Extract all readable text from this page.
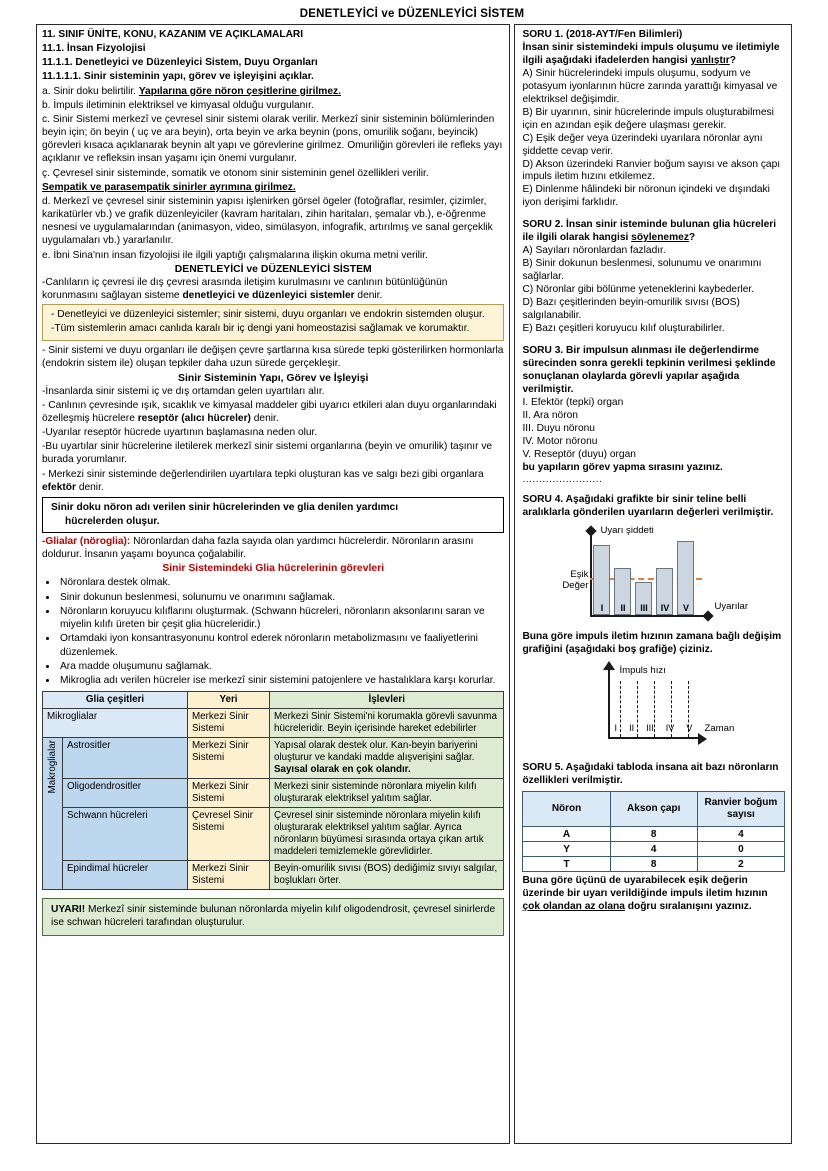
DENETLEYİCİ ve DÜZENLEYİCİ SİSTEM
11. SINIF ÜNİTE, KONU, KAZANIM VE AÇIKLAMALARI
11.1. İnsan Fizyolojisi
11.1.1. Denetleyici ve Düzenleyici Sistem, Duyu Organları
11.1.1.1. Sinir sisteminin yapı, görev ve işleyişini açıklar.
a. Sinir doku belirtilir. Yapılarına göre nöron çeşitlerine girilmez.
b. İmpuls iletiminin elektriksel ve kimyasal olduğu vurgulanır.
c. Sinir Sistemi merkezî ve çevresel sinir sistemi olarak verilir. Merkezî sinir sisteminin bölümlerinden beyin için; ön beyin ( uç ve ara beyin), orta beyin ve arka beynin (pons, omurilik soğanı, beyincik) görevleri kısaca açıklanarak beynin alt yapı ve görevlerine girilmez. Omuriliğin görevleri ile refleks yayı açıklanır ve refleksin insan yaşamı için önemi vurgulanır.
ç. Çevresel sinir sisteminde, somatik ve otonom sinir sisteminin genel özellikleri verilir.
Sempatik ve parasempatik sinirler ayrımına girilmez.
d. Merkezî ve çevresel sinir sisteminin yapısı işlenirken görsel ögeler (fotoğraflar, resimler, çizimler, karikatürler vb.) ve grafik düzenleyiciler (kavram haritaları, zihin haritaları, şemalar vb.), e-öğrenme nesnesi ve uygulamalarından (animasyon, video, simülasyon, infografik, artırılmış ve sanal gerçeklik uygulamaları vb.) yararlanılır.
e. İbni Sina'nın insan fizyolojisi ile ilgili yaptığı çalışmalarına ilişkin okuma metni verilir.
DENETLEYİCİ ve DÜZENLEYİCİ SİSTEM
-Canlıların iç çevresi ile dış çevresi arasında iletişim kurulmasını ve canlının bütünlüğünün korunmasını sağlayan sisteme denetleyici ve düzenleyici sistemler denir.
- Denetleyici ve düzenleyici sistemler; sinir sistemi, duyu organları ve endokrin sistemden oluşur.
-Tüm sistemlerin amacı canlıda karalı bir iç dengi yani homeostazisi sağlamak ve korumaktır.
- Sinir sistemi ve duyu organları ile değişen çevre şartlarına kısa sürede tepki gösterilirken hormonlarla (endokrin sistem ile) oluşan tepkiler daha uzun sürede gerçekleşir.
Sinir Sisteminin Yapı, Görev ve İşleyişi
-İnsanlarda sinir sistemi iç ve dış ortamdan gelen uyartıları alır.
- Canlının çevresinde ışık, sıcaklık ve kimyasal maddeler gibi uyarıcı etkileri alan duyu organlarındaki özelleşmiş hücrelere reseptör (alıcı hücreler) denir.
-Uyarılar reseptör hücrede uyartının başlamasına neden olur.
-Bu uyartılar sinir hücrelerine iletilerek merkezî sinir sistemi organlarına (beyin ve omurilik) taşınır ve burada yorumlanır.
- Merkezi sinir sisteminde değerlendirilen uyartılara tepki oluşturan kas ve salgı bezi gibi organlara efektör denir.
Sinir doku nöron adı verilen sinir hücrelerinden ve glia denilen yardımcı
hücrelerden oluşur.
-Glialar (nöroglia): Nöronlardan daha fazla sayıda olan yardımcı hücrelerdir. Nöronların arasını doldurur. İnsanın yaşamı boyunca çoğalabilir.
Sinir Sistemindeki Glia hücrelerinin görevleri
• Nöronlara destek olmak.
• Sinir dokunun beslenmesi, solunumu ve onarımını sağlamak.
• Nöronların koruyucu kılıflarını oluşturmak. (Schwann hücreleri, nöronların aksonlarını saran ve miyelin kılıfı üreten bir çeşit glia hücreleridir.)
• Ortamdaki iyon konsantrasyonunu kontrol ederek nöronların metabolizmasını ve faaliyetlerini düzenlemek.
• Ara madde oluşumunu sağlamak.
• Mikroglia adı verilen hücreler ise merkezî sinir sistemini patojenlere ve hastalıklara karşı korurlar.
Glia çeşitleri		Yeri	İşlevleri
Mikroglialar		Merkezi Sinir Sistemi	Merkezi Sinir Sistemi'ni korumakla görevli savunma hücreleridir. Beyin içerisinde hareket edebilirler
Makroglialar	Astrositler	Merkezi Sinir Sistemi	Yapısal olarak destek olur. Kan-beyin bariyerini oluşturur ve kandaki madde alışverişini sağlar. Sayısal olarak en çok olandır.
	Oligodendrositler	Merkezi Sinir Sistemi	Merkezi sinir sisteminde nöronlara miyelin kılıfı oluşturarak elektriksel yalıtım sağlar.
	Schwann hücreleri	Çevresel Sinir Sistemi	Çevresel sinir sisteminde nöronlara miyelin kılıfı oluşturarak elektriksel yalıtım sağlar. Ayrıca nöronların büyümesi sırasında ortaya çıkan artık maddeleri temizlemekle görevlidirler.
	Epindimal hücreler	Merkezi Sinir Sistemi	Beyin-omurilik sıvısı (BOS) dediğimiz sıvıyı salgılar, boşlukları örter.
UYARI! Merkezî sinir sisteminde bulunan nöronlarda miyelin kılıf oligodendrosit, çevresel sinirlerde ise schwan hücreleri tarafından oluşturulur.
SORU 1. (2018-AYT/Fen Bilimleri)
İnsan sinir sistemindeki impuls oluşumu ve iletimiyle ilgili aşağıdaki ifadelerden hangisi yanlıştır?
A) Sinir hücrelerindeki impuls oluşumu, sodyum ve potasyum iyonlarının hücre zarında yarattığı kimyasal ve elektriksel değişimdir.
B) Bir uyarının, sinir hücrelerinde impuls oluşturabilmesi için en azından eşik değere ulaşması gerekir.
C) Eşik değer veya üzerindeki uyarılara nöronlar aynı şiddette cevap verir.
D) Akson üzerindeki Ranvier boğum sayısı ve akson çapı impuls iletim hızını etkilemez.
E) Dinlenme hâlindeki bir nöronun içindeki ve dışındaki iyon derişimi farklıdır.
SORU 2. İnsan sinir isteminde bulunan glia hücreleri ile ilgili olarak hangisi söylenemez?
A) Sayıları nöronlardan fazladır.
B) Sinir dokunun beslenmesi, solunumu ve onarımını sağlarlar.
C) Nöronlar gibi bölünme yeteneklerini kaybederler.
D) Bazı çeşitlerinden beyin-omurilik sıvısı (BOS) salgılanabilir.
E) Bazı çeşitleri koruyucu kılıf oluşturabilirler.
SORU 3. Bir impulsun alınması ile değerlendirme sürecinden sonra gerekli tepkinin verilmesi şeklinde sonuçlanan olaylarda görevli yapılar aşağıda verilmiştir.
I. Efektör (tepki) organ
II. Ara nöron
III. Duyu nöronu
IV. Motor nöronu
V. Reseptör (duyu) organ
bu yapıların görev yapma sırasını yazınız.
........................
SORU 4. Aşağıdaki grafikte bir sinir teline belli aralıklarla gönderilen uyarıların değerleri verilmiştir.
Uyarı şiddeti
Uyarılar
Eşik
Değer
I	II	III	IV	V
Buna göre impuls iletim hızının zamana bağlı değişim grafiğini (aşağıdaki boş grafiğe) çiziniz.
İmpuls hızı
Zaman
I II III IV V
SORU 5. Aşağıdaki tabloda insana ait bazı nöronların özellikleri verilmiştir.
Nöron	Akson çapı	Ranvier boğum sayısı
A	8	4
Y	4	0
T	8	2
Buna göre üçünü de uyarabilecek eşik değerin üzerinde bir uyarı verildiğinde impuls iletim hızının çok olandan az olana doğru sıralanışını yazınız.
